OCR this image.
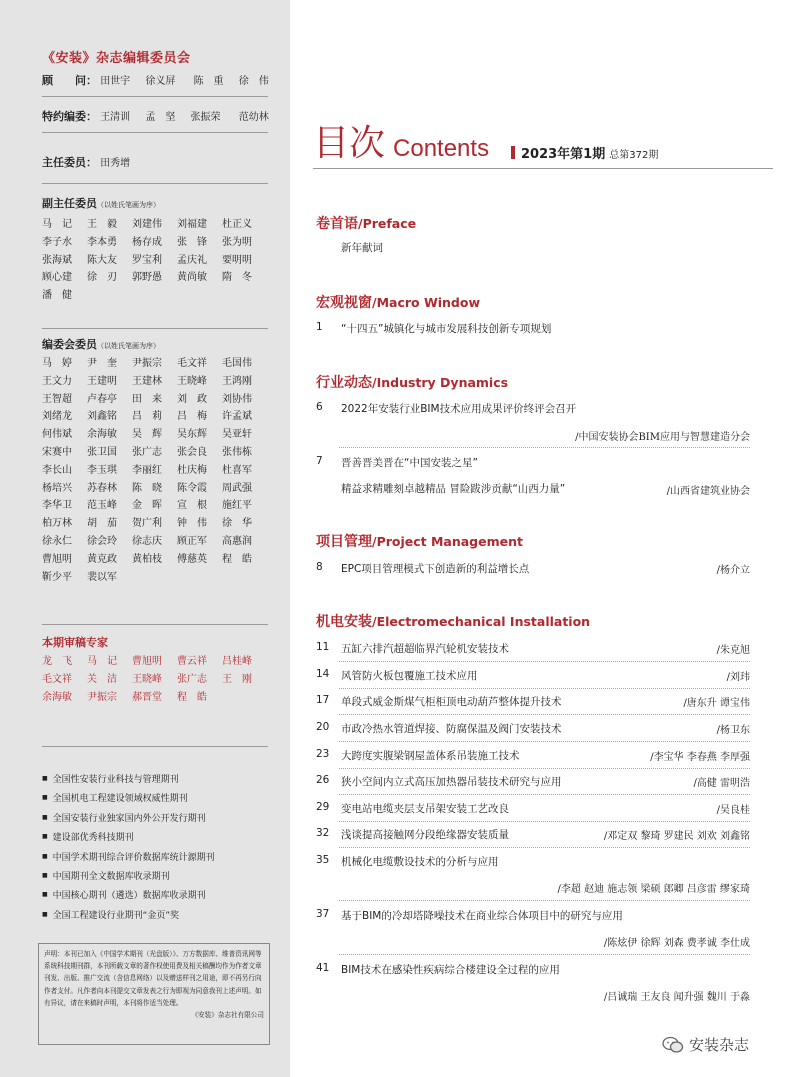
《安装》杂志编辑委员会
顾　　问： 田世宇 徐义屏 陈　重 徐　伟
特约编委： 王清训 孟　坚 张振荣 范幼林
主任委员： 田秀增
副主任委员（以姓氏笔画为序）
马　记	王　毅	刘建伟	刘福建	杜正义
李子水	李本勇	杨存成	张　锋	张为明
张海斌	陈大友	罗宝利	孟庆礼	要明明
顾心建	徐　刃	郭野愚	黄尚敏	隋　冬
潘　健
编委会委员（以姓氏笔画为序）
马　婷	尹　奎	尹振宗	毛文祥	毛国伟
王文力	王建明	王建林	王晓峰	王鸿刚
王智超	卢春亭	田　来	刘　政	刘协伟
刘绪龙	刘鑫铭	吕　莉	吕　梅	许孟斌
何伟斌	余海敏	吴　辉	吴东辉	吴亚轩
宋赛中	张卫国	张广志	张会良	张伟栋
李长山	李玉琪	李丽红	杜庆梅	杜喜军
杨培兴	苏春林	陈　晓	陈令霞	周武强
李华卫	范玉峰	金　晖	宣　根	施红平
柏万林	胡　茄	贺广利	钟　伟	徐　华
徐永仁	徐会玲	徐志庆	顾正军	高惠润
曹旭明	黄克政	黄柏枝	傅慈英	程　皓
靳少平	裴以军
本期审稿专家
龙　飞	马　记	曹旭明	曹云祥	吕桂峰
毛文祥	关　洁	王晓峰	张广志	王　刚
余海敏	尹振宗	郝晋堂	程　皓
■ 全国性安装行业科技与管理期刊
■ 全国机电工程建设领域权威性期刊
■ 全国安装行业独家国内外公开发行期刊
■ 建设部优秀科技期刊
■ 中国学术期刊综合评价数据库统计源期刊
■ 中国期刊全文数据库收录期刊
■ 中国核心期刊（遴选）数据库收录期刊
■ 全国工程建设行业期刊“金页”奖
声明：本刊已加入《中国学术期刊（光盘版）》、万方数据库、维普资讯网等系统科技期刊群，本刊所载文章的著作权使用费及相关稿酬均作为作者文章刊发、出版、推广交流（含信息网络）以及赠送样刊之用途，即不再另行向作者支付。凡作者向本刊提交文章发表之行为即视为同意我刊上述声明。如有异议，请在来稿时声明，本刊将作适当处理。
《安装》杂志社有限公司
目次 Contents	2023年第1期 总第372期
卷首语/Preface
新年献词
宏观视窗/Macro Window
1	“十四五”城镇化与城市发展科技创新专项规划
行业动态/Industry Dynamics
6	2022年安装行业BIM技术应用成果评价终评会召开
/中国安装协会BIM应用与智慧建造分会
7	晋善晋美晋在“中国安装之星”
精益求精雕刻卓越精品 冒险跋涉贡献“山西力量”	/山西省建筑业协会
项目管理/Project Management
8	EPC项目管理模式下创造新的利益增长点	/杨介立
机电安装/Electromechanical Installation
11	五缸六排汽超超临界汽轮机安装技术	/朱克旭
14	风管防火板包覆施工技术应用	/刘玮
17	单段式威金斯煤气柜柜顶电动葫芦整体提升技术	/唐东升 谭宝伟
20	市政冷热水管道焊接、防腐保温及阀门安装技术	/杨卫东
23	大跨度实腹梁钢屋盖体系吊装施工技术	/李宝华 李春燕 李厚强
26	狭小空间内立式高压加热器吊装技术研究与应用	/高健 雷明浩
29	变电站电缆夹层支吊架安装工艺改良	/吴良桂
32	浅谈提高接触网分段绝缘器安装质量	/邓定双 黎琦 罗建民 刘欢 刘鑫铭
35	机械化电缆敷设技术的分析与应用
/李超 赵迪 施志领 梁硕 郎卿 吕彦雷 缪家琦
37	基于BIM的冷却塔降噪技术在商业综合体项目中的研究与应用
/陈炫伊 徐辉 刘森 费孝诚 李仕成
41	BIM技术在感染性疾病综合楼建设全过程的应用
/吕诚瑞 王友良 闻升强 魏川 于淼
安装杂志
